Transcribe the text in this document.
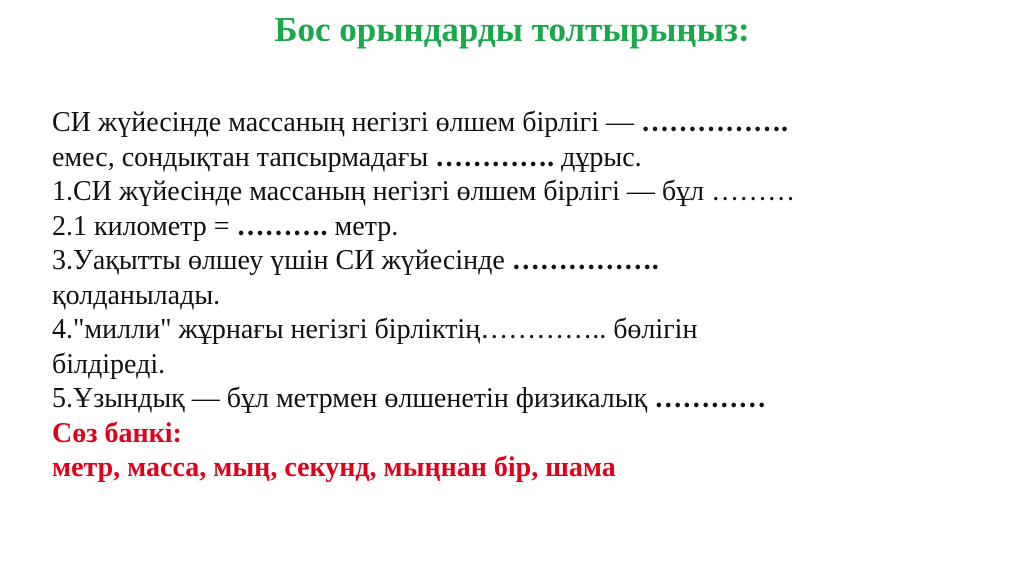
Бос орындарды толтырыңыз:
СИ жүйесінде массаның негізгі өлшем бірлігі — …………….
емес, сондықтан тапсырмадағы …………. дұрыс.
1.СИ жүйесінде массаның негізгі өлшем бірлігі — бұл ………
2.1 километр = ………. метр.
3.Уақытты өлшеу үшін СИ жүйесінде …………….
қолданылады.
4."милли" жұрнағы негізгі бірліктің………….. бөлігін
білдіреді.
5.Ұзындық — бұл метрмен өлшенетін физикалық …………
Сөз банкі:
метр, масса, мың, секунд, мыңнан бір, шама
